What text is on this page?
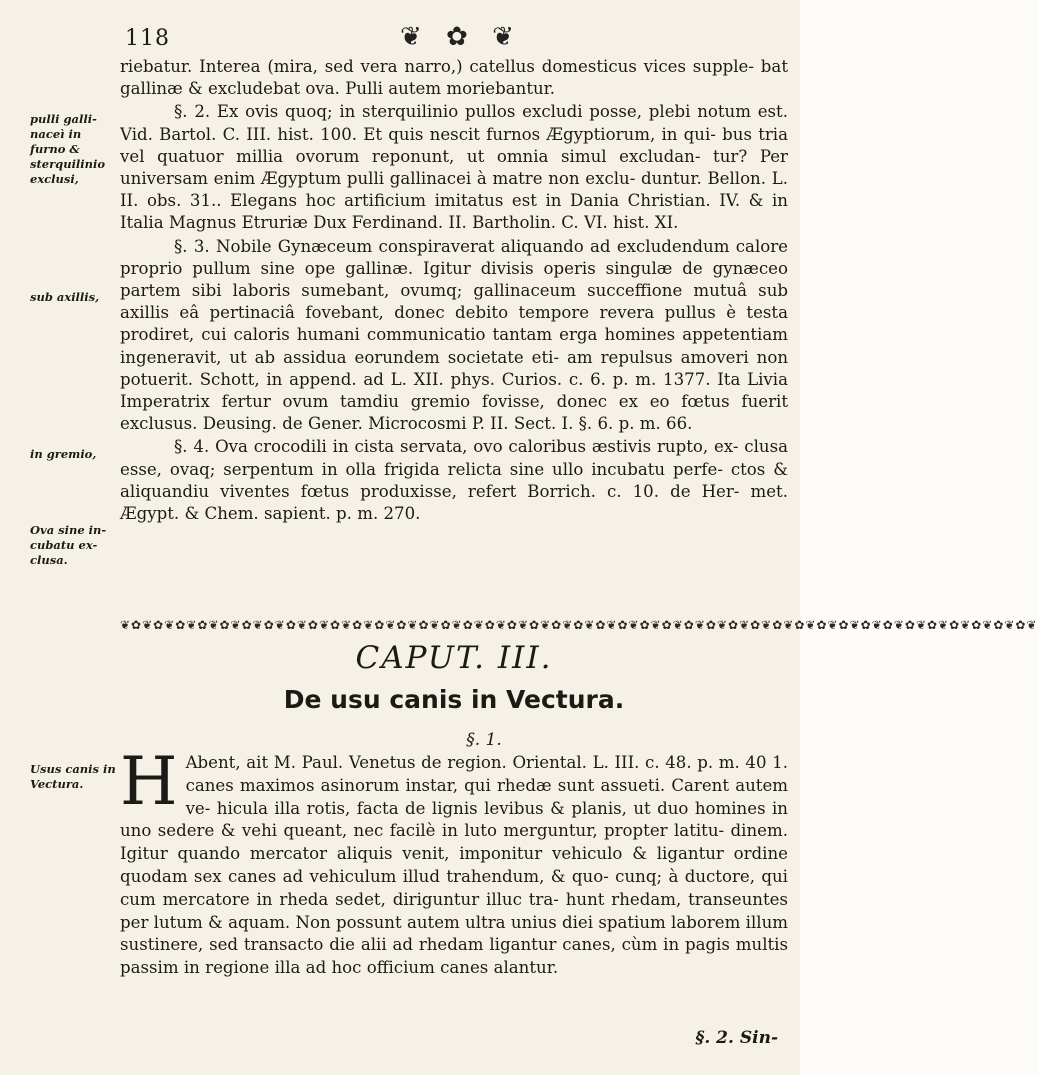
118	❦ ✿ ❦
pulli galli-naceì in furno & sterquilinio exclusi,
sub axillis,
in gremio,
Ova sine in-cubatu ex-clusa.
Usus canis in Vectura.

riebatur. Interea (mira, sed vera narro,) catellus domesticus vices supple- bat gallinæ & excludebat ova. Pulli autem moriebantur.

§. 2. Ex ovis quoq; in sterquilinio pullos excludi posse, plebi notum est. Vid. Bartol. C. III. hist. 100. Et quis nescit furnos Ægyptiorum, in qui- bus tria vel quatuor millia ovorum reponunt, ut omnia simul excludan- tur? Per universam enim Ægyptum pulli gallinacei à matre non exclu- duntur. Bellon. L. II. obs. 31.. Elegans hoc artificium imitatus est in Dania Christian. IV. & in Italia Magnus Etruriæ Dux Ferdinand. II. Bartholin. C. VI. hist. XI.

§. 3. Nobile Gynæceum conspiraverat aliquando ad excludendum calore proprio pullum sine ope gallinæ. Igitur divisis operis singulæ de gynæceo partem sibi laboris sumebant, ovumq; gallinaceum succeffione mutuâ sub axillis eâ pertinaciâ fovebant, donec debito tempore revera pullus è testa prodiret, cui caloris humani communicatio tantam erga homines appetentiam ingeneravit, ut ab assidua eorundem societate eti- am repulsus amoveri non potuerit. Schott, in append. ad L. XII. phys. Curios. c. 6. p. m. 1377. Ita Livia Imperatrix fertur ovum tamdiu gremio fovisse, donec ex eo fœtus fuerit exclusus. Deusing. de Gener. Microcosmi P. II. Sect. I. §. 6. p. m. 66.

§. 4. Ova crocodili in cista servata, ovo caloribus æstivis rupto, ex- clusa esse, ovaq; serpentum in olla frigida relicta sine ullo incubatu perfe- ctos & aliquandiu viventes fœtus produxisse, refert Borrich. c. 10. de Her- met. Ægypt. & Chem. sapient. p. m. 270.

❦✿❦✿❦✿❦✿❦✿❦✿❦✿❦✿❦✿❦✿❦✿❦✿❦✿❦✿❦✿❦✿❦✿❦✿❦✿❦✿❦✿❦✿❦✿❦✿❦✿❦✿❦✿❦✿❦✿❦✿❦✿❦✿❦✿❦✿❦✿❦✿❦✿❦✿❦✿❦✿❦✿❦
CAPUT. III.
De usu canis in Vectura.
§. 1.
H Abent, ait M. Paul. Venetus de region. Oriental. L. III. c. 48. p. m. 40 1. canes maximos asinorum instar, qui rhedæ sunt assueti. Carent autem ve- hicula illa rotis, facta de lignis levibus & planis, ut duo homines in uno sedere & vehi queant, nec facilè in luto merguntur, propter latitu- dinem. Igitur quando mercator aliquis venit, imponitur vehiculo & ligantur ordine quodam sex canes ad vehiculum illud trahendum, & quo- cunq; à ductore, qui cum mercatore in rheda sedet, diriguntur illuc tra- hunt rhedam, transeuntes per lutum & aquam. Non possunt autem ultra unius diei spatium laborem illum sustinere, sed transacto die alii ad rhedam ligantur canes, cùm in pagis multis passim in regione illa ad hoc officium canes alantur.
§. 2. Sin-
